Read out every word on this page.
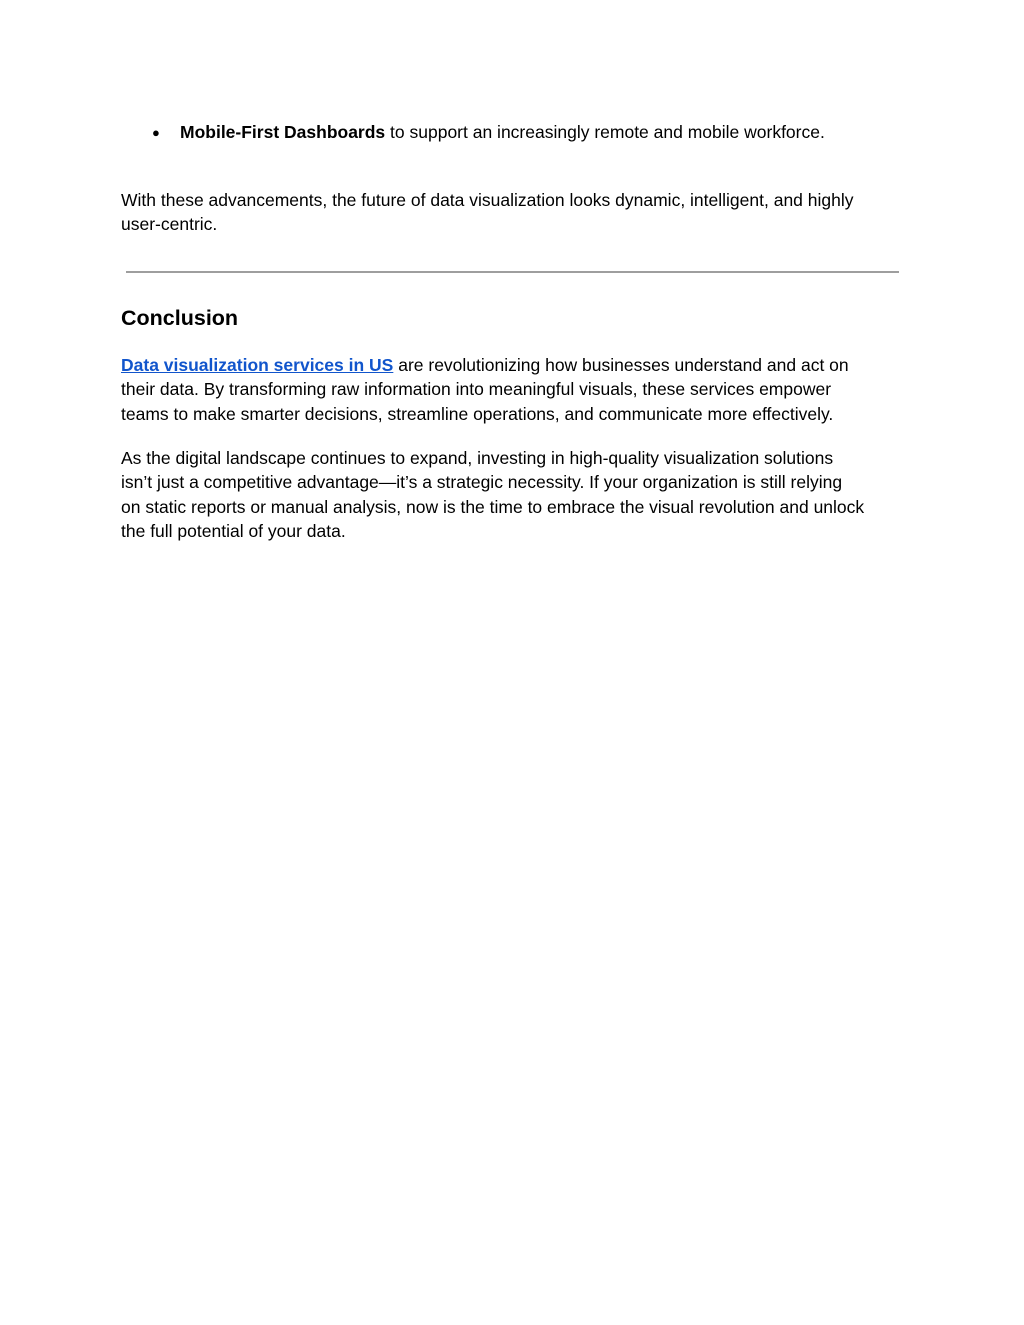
● Mobile-First Dashboards to support an increasingly remote and mobile workforce.
With these advancements, the future of data visualization looks dynamic, intelligent, and highly
user-centric.
Conclusion
Data visualization services in US are revolutionizing how businesses understand and act on
their data. By transforming raw information into meaningful visuals, these services empower
teams to make smarter decisions, streamline operations, and communicate more effectively.
As the digital landscape continues to expand, investing in high-quality visualization solutions
isn’t just a competitive advantage—it’s a strategic necessity. If your organization is still relying
on static reports or manual analysis, now is the time to embrace the visual revolution and unlock
the full potential of your data.
